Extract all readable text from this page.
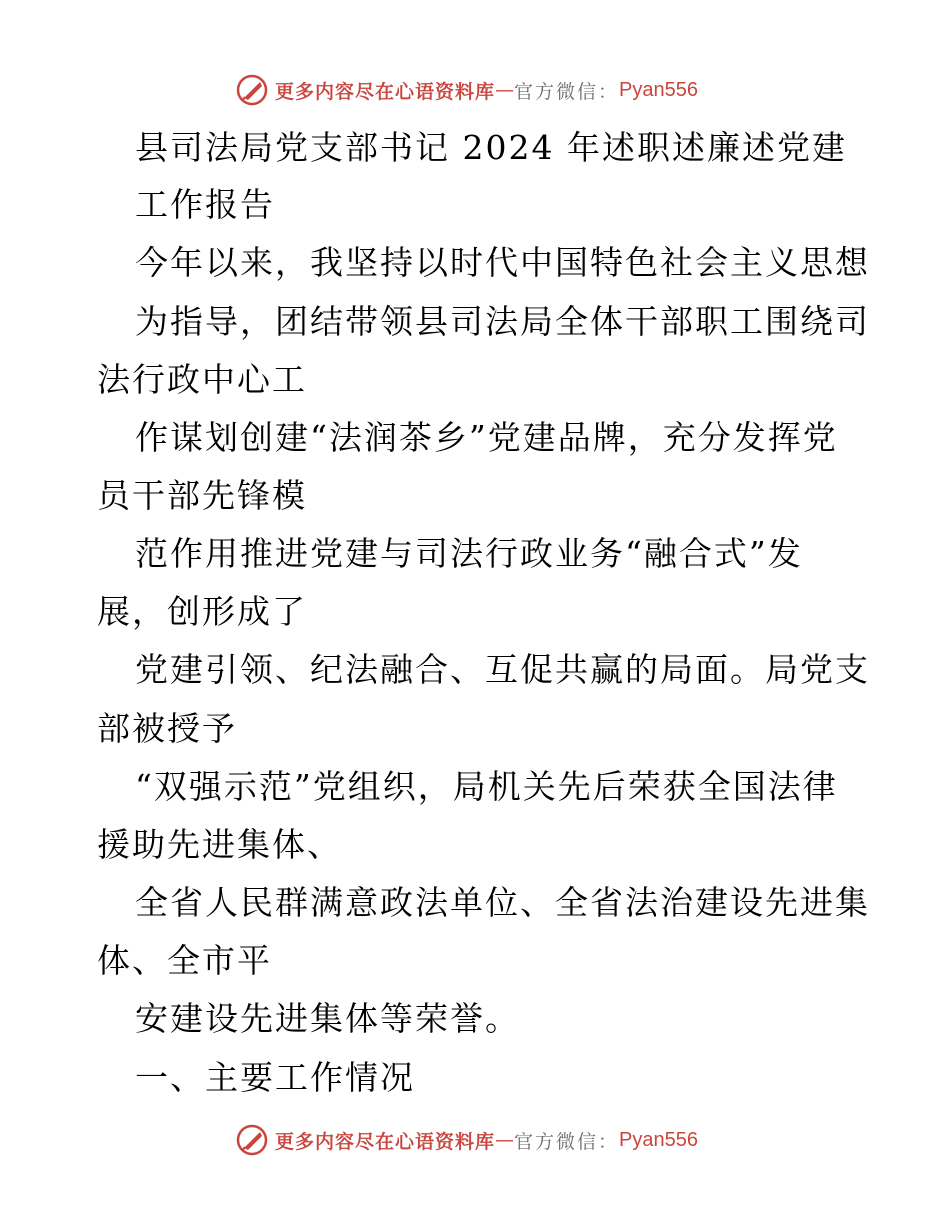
更多内容尽在心语资料库 — 官方微信： Pyan556
县司法局党支部书记 2024 年述职述廉述党建
工作报告
今年以来，我坚持以时代中国特色社会主义思想
为指导，团结带领县司法局全体干部职工围绕司
法行政中心工
作谋划创建“法润茶乡”党建品牌，充分发挥党
员干部先锋模
范作用推进党建与司法行政业务“融合式”发
展，创形成了
党建引领、纪法融合、互促共赢的局面。局党支
部被授予
“双强示范”党组织，局机关先后荣获全国法律
援助先进集体、
全省人民群满意政法单位、全省法治建设先进集
体、全市平
安建设先进集体等荣誉。
一、主要工作情况
更多内容尽在心语资料库 — 官方微信： Pyan556
